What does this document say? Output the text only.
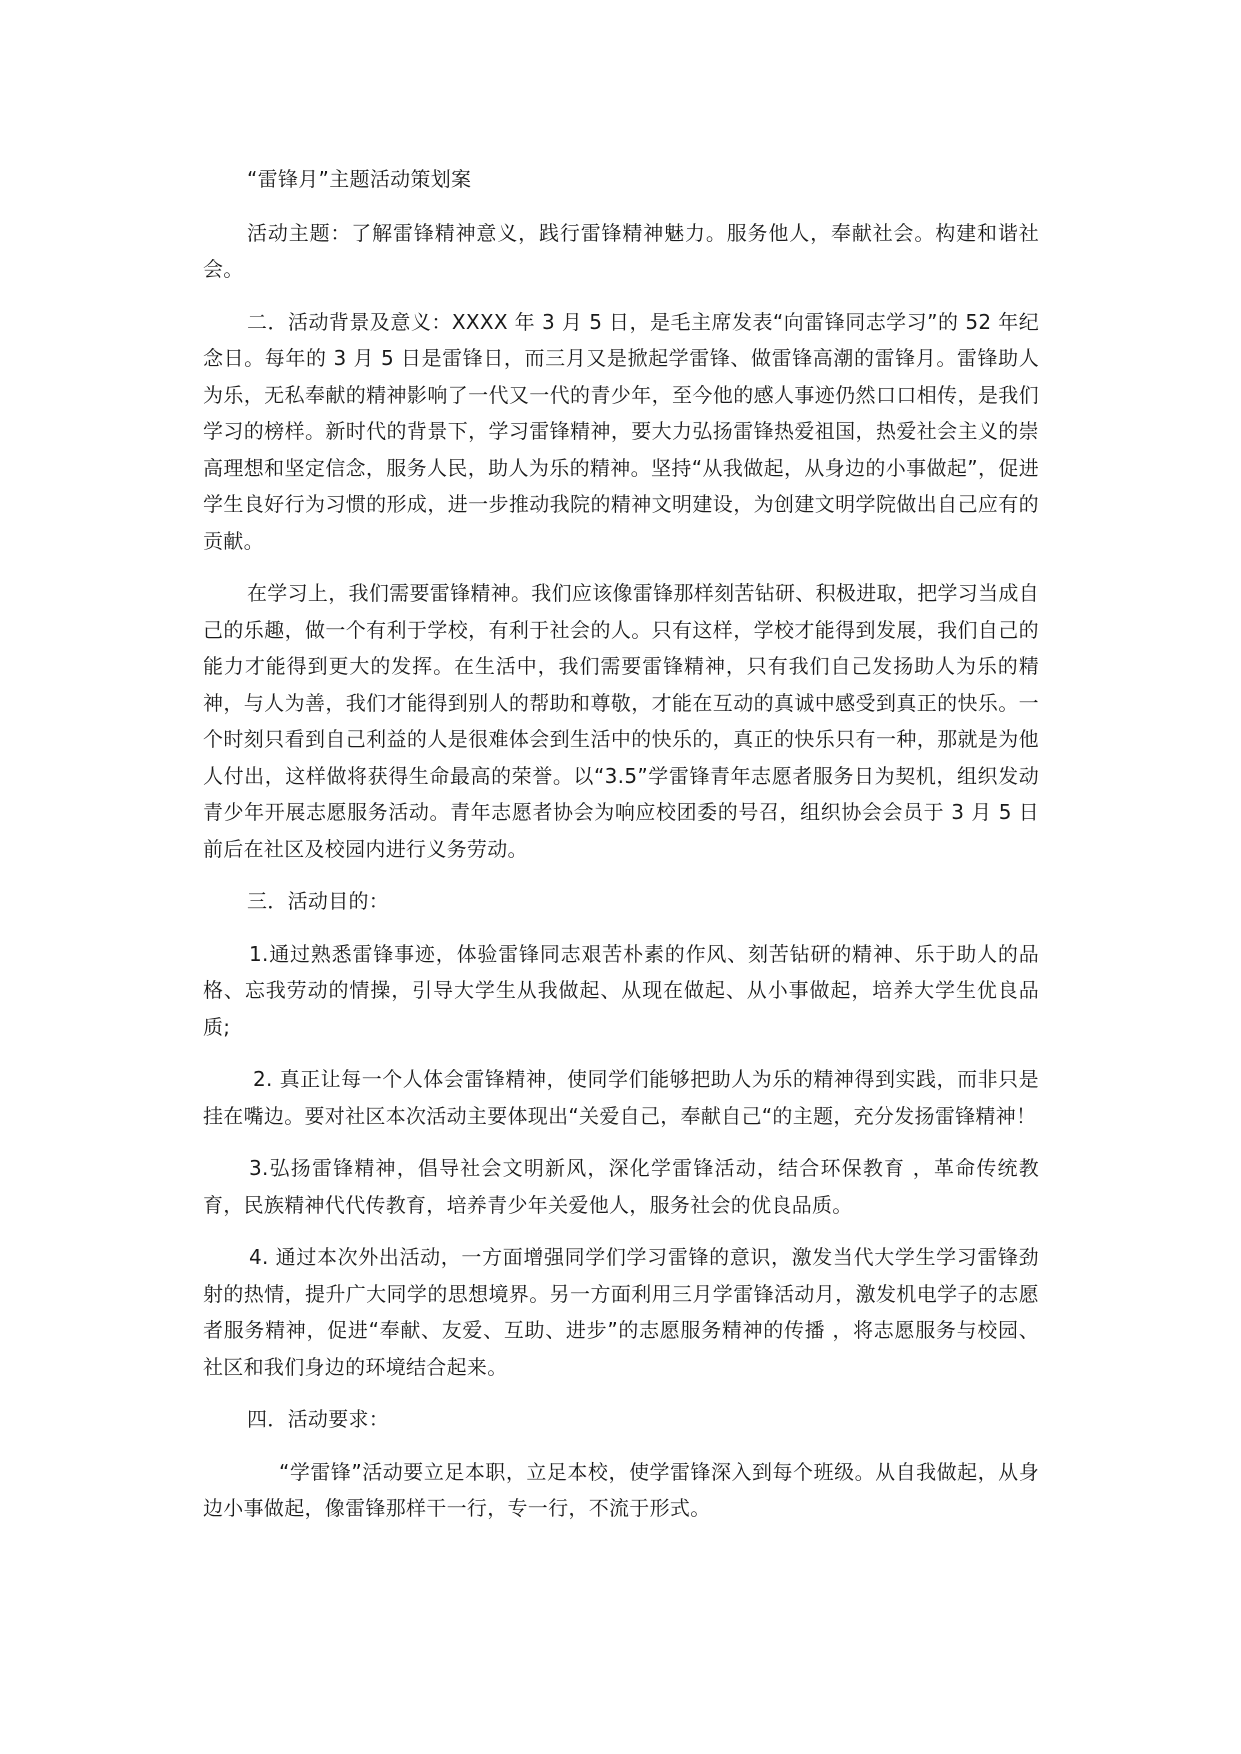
“雷锋月”主题活动策划案

活动主题：了解雷锋精神意义，践行雷锋精神魅力。服务他人，奉献社会。构建和谐社会。

二．活动背景及意义：XXXX 年 3 月 5 日，是毛主席发表“向雷锋同志学习”的 52 年纪念日。每年的 3 月 5 日是雷锋日，而三月又是掀起学雷锋、做雷锋高潮的雷锋月。雷锋助人为乐，无私奉献的精神影响了一代又一代的青少年，至今他的感人事迹仍然口口相传，是我们学习的榜样。新时代的背景下，学习雷锋精神，要大力弘扬雷锋热爱祖国，热爱社会主义的崇高理想和坚定信念，服务人民，助人为乐的精神。坚持“从我做起，从身边的小事做起”，促进学生良好行为习惯的形成，进一步推动我院的精神文明建设，为创建文明学院做出自己应有的贡献。

在学习上，我们需要雷锋精神。我们应该像雷锋那样刻苦钻研、积极进取，把学习当成自己的乐趣，做一个有利于学校，有利于社会的人。只有这样，学校才能得到发展，我们自己的能力才能得到更大的发挥。在生活中，我们需要雷锋精神，只有我们自己发扬助人为乐的精神，与人为善，我们才能得到别人的帮助和尊敬，才能在互动的真诚中感受到真正的快乐。一个时刻只看到自己利益的人是很难体会到生活中的快乐的，真正的快乐只有一种，那就是为他人付出，这样做将获得生命最高的荣誉。以“3.5”学雷锋青年志愿者服务日为契机，组织发动青少年开展志愿服务活动。青年志愿者协会为响应校团委的号召，组织协会会员于 3 月 5 日前后在社区及校园内进行义务劳动。

三．活动目的：

1.通过熟悉雷锋事迹，体验雷锋同志艰苦朴素的作风、刻苦钻研的精神、乐于助人的品格、忘我劳动的情操，引导大学生从我做起、从现在做起、从小事做起，培养大学生优良品质;

2. 真正让每一个人体会雷锋精神，使同学们能够把助人为乐的精神得到实践，而非只是挂在嘴边。要对社区本次活动主要体现出“关爱自己，奉献自己“的主题，充分发扬雷锋精神！

3.弘扬雷锋精神，倡导社会文明新风，深化学雷锋活动，结合环保教育 ，革命传统教育，民族精神代代传教育，培养青少年关爱他人，服务社会的优良品质。

4. 通过本次外出活动，一方面增强同学们学习雷锋的意识，激发当代大学生学习雷锋劲射的热情，提升广大同学的思想境界。另一方面利用三月学雷锋活动月，激发机电学子的志愿者服务精神，促进“奉献、友爱、互助、进步”的志愿服务精神的传播 ，将志愿服务与校园、社区和我们身边的环境结合起来。

四．活动要求：

“学雷锋”活动要立足本职，立足本校，使学雷锋深入到每个班级。从自我做起，从身边小事做起，像雷锋那样干一行，专一行，不流于形式。
